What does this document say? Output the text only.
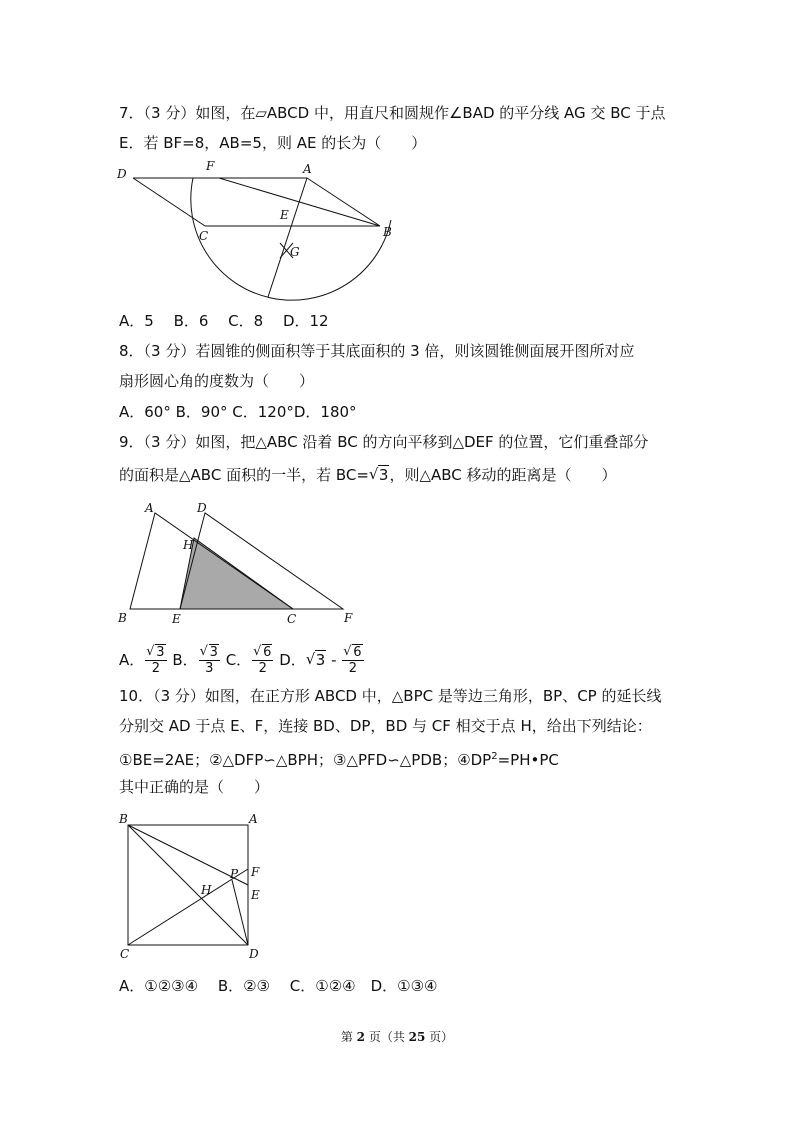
7．（3 分）如图，在▱ABCD 中，用直尺和圆规作∠BAD 的平分线 AG 交 BC 于点
E．若 BF=8，AB=5，则 AE 的长为（　　）
D
F	A
E
C	B
G
A．5　 B．6　 C．8　 D．12
8．（3 分）若圆锥的侧面积等于其底面积的 3 倍，则该圆锥侧面展开图所对应
扇形圆心角的度数为（　　）
A．60° B．90° C．120°D．180°
9．（3 分）如图，把△ABC 沿着 BC 的方向平移到△DEF 的位置，它们重叠部分
的面积是△ABC 面积的一半，若 BC= √ 3，则△ABC 移动的距离是（　　）
A	D
H
B	E	C	F
A． √ $\frac{3}{2}$ B． √ $\frac{3}{3}$ C． √ $\frac{6}{2}$ D． √ 3 - √ $\frac{6}{2}$
10．（3 分）如图，在正方形 ABCD 中，△BPC 是等边三角形，BP、CP 的延长线
分别交 AD 于点 E、F，连接 BD、DP，BD 与 CF 相交于点 H，给出下列结论：
①BE=2AE；②△DFP∽△BPH；③△PFD∽△PDB；$④DP^2=PH•PC$
其中正确的是（　　）
B	A
P F
H	E
C	D
A．①②③④　 B．②③　 C．①②④　D．①③④
第 2 页（共 25 页）
